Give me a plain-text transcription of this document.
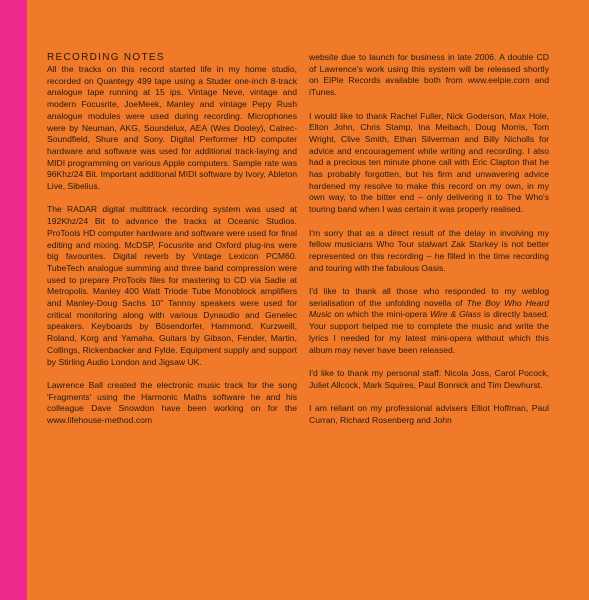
RECORDING NOTES

All the tracks on this record started life in my home studio, recorded on Quantegy 499 tape using a Studer one-inch 8-track analogue tape running at 15 ips. Vintage Neve, vintage and modern Focusrite, JoeMeek, Manley and vintage Pepy Rush analogue modules were used during recording. Microphones were by Neuman, AKG, Soundelux, AEA (Wes Dooley), Calrec-Soundfield, Shure and Sony. Digital Performer HD computer hardware and software was used for additional track-laying and MIDI programming on various Apple computers. Sample rate was 96Khz/24 Bit. Important additional MIDI software by Ivory, Ableton Live, Sibelius.

The RADAR digital multitrack recording system was used at 192Khz/24 Bit to advance the tracks at Oceanic Studios. ProTools HD computer hardware and software were used for final editing and mixing. McDSP, Focusrite and Oxford plug-ins were big favourites. Digital reverb by Vintage Lexicon PCM60. TubeTech analogue summing and three band compression were used to prepare ProTools files for mastering to CD via Sadie at Metropolis. Manley 400 Watt Triode Tube Monoblock amplifiers and Manley-Doug Sachs 10" Tannoy speakers were used for critical monitoring along with various Dynaudio and Genelec speakers. Keyboards by Bösendorfer, Hammond, Kurzweill, Roland, Korg and Yamaha. Guitars by Gibson, Fender, Martin, Collings, Rickenbacker and Fylde. Equipment supply and support by Stirling Audio London and Jigsaw UK.

Lawrence Ball created the electronic music track for the song 'Fragments' using the Harmonic Maths software he and his colleague Dave Snowdon have been working on for the www.lifehouse-method.com

website due to launch for business in late 2006. A double CD of Lawrence's work using this system will be released shortly on ElPie Records available both from www.eelpie.com and iTunes.

I would like to thank Rachel Fuller, Nick Goderson, Max Hole, Elton John, Chris Stamp, Ina Meibach, Doug Morris, Tom Wright, Clive Smith, Ethan Silverman and Billy Nicholls for advice and encouragement while writing and recording. I also had a precious ten minute phone call with Eric Clapton that he has probably forgotten, but his firm and unwavering advice hardened my resolve to make this record on my own, in my own way, to the bitter end – only delivering it to The Who's touring band when I was certain it was properly realised.

I'm sorry that as a direct result of the delay in involving my fellow musicians Who Tour stalwart Zak Starkey is not better represented on this recording – he filled in the time recording and touring with the fabulous Oasis.

I'd like to thank all those who responded to my weblog serialisation of the unfolding novella of The Boy Who Heard Music on which the mini-opera Wire & Glass is directly based. Your support helped me to complete the music and write the lyrics I needed for my latest mini-opera without which this album may never have been released.

I'd like to thank my personal staff: Nicola Joss, Carol Pocock, Juliet Allcock, Mark Squires, Paul Bonnick and Tim Dewhurst.

I am reliant on my professional advisers Elliot Hoffman, Paul Curran, Richard Rosenberg and John
